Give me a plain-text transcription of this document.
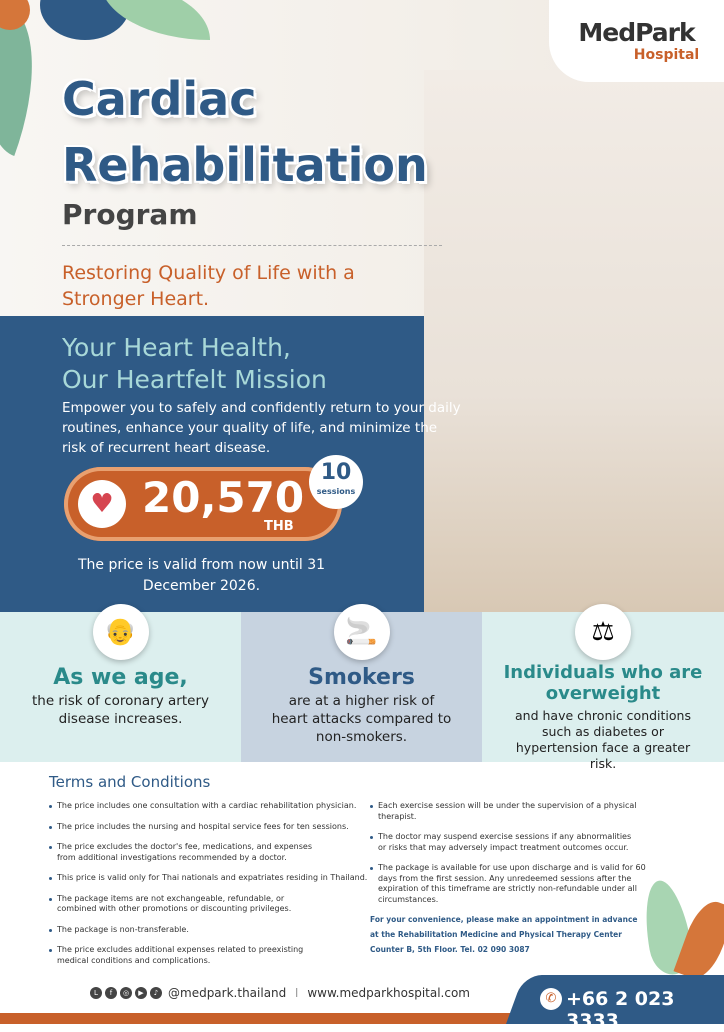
MedPark
Hospital
Cardiac
Rehabilitation
Program
Restoring Quality of Life with a Stronger Heart.
Your Heart Health,
Our Heartfelt Mission
Empower you to safely and confidently return to your daily routines, enhance your quality of life, and minimize the risk of recurrent heart disease.
♥ 20,570
THB
10
sessions
The price is valid from now until 31 December 2026.
👴
As we age,

the risk of coronary artery disease increases.

🚬
Smokers

are at a higher risk of heart attacks compared to non-smokers.

⚖
Individuals who are overweight

and have chronic conditions such as diabetes or hypertension face a greater risk.

Terms and Conditions
The price includes one consultation with a cardiac rehabilitation physician.
The price includes the nursing and hospital service fees for ten sessions.
The price excludes the doctor's fee, medications, and expenses from additional investigations recommended by a doctor.
This price is valid only for Thai nationals and expatriates residing in Thailand.
The package items are not exchangeable, refundable, or combined with other promotions or discounting privileges.
The package is non-transferable.
The price excludes additional expenses related to preexisting medical conditions and complications.
Each exercise session will be under the supervision of a physical therapist.
The doctor may suspend exercise sessions if any abnormalities or risks that may adversely impact treatment outcomes occur.
The package is available for use upon discharge and is valid for 60 days from the first session. Any unredeemed sessions after the expiration of this timeframe are strictly non-refundable under all circumstances.
For your convenience, please make an appointment in advance
at the Rehabilitation Medicine and Physical Therapy Center
Counter B, 5th Floor. Tel. 02 090 3087
L	f	◎	▶	♪ @medpark.thailand | www.medparkhospital.com	✆ +66 2 023 3333
